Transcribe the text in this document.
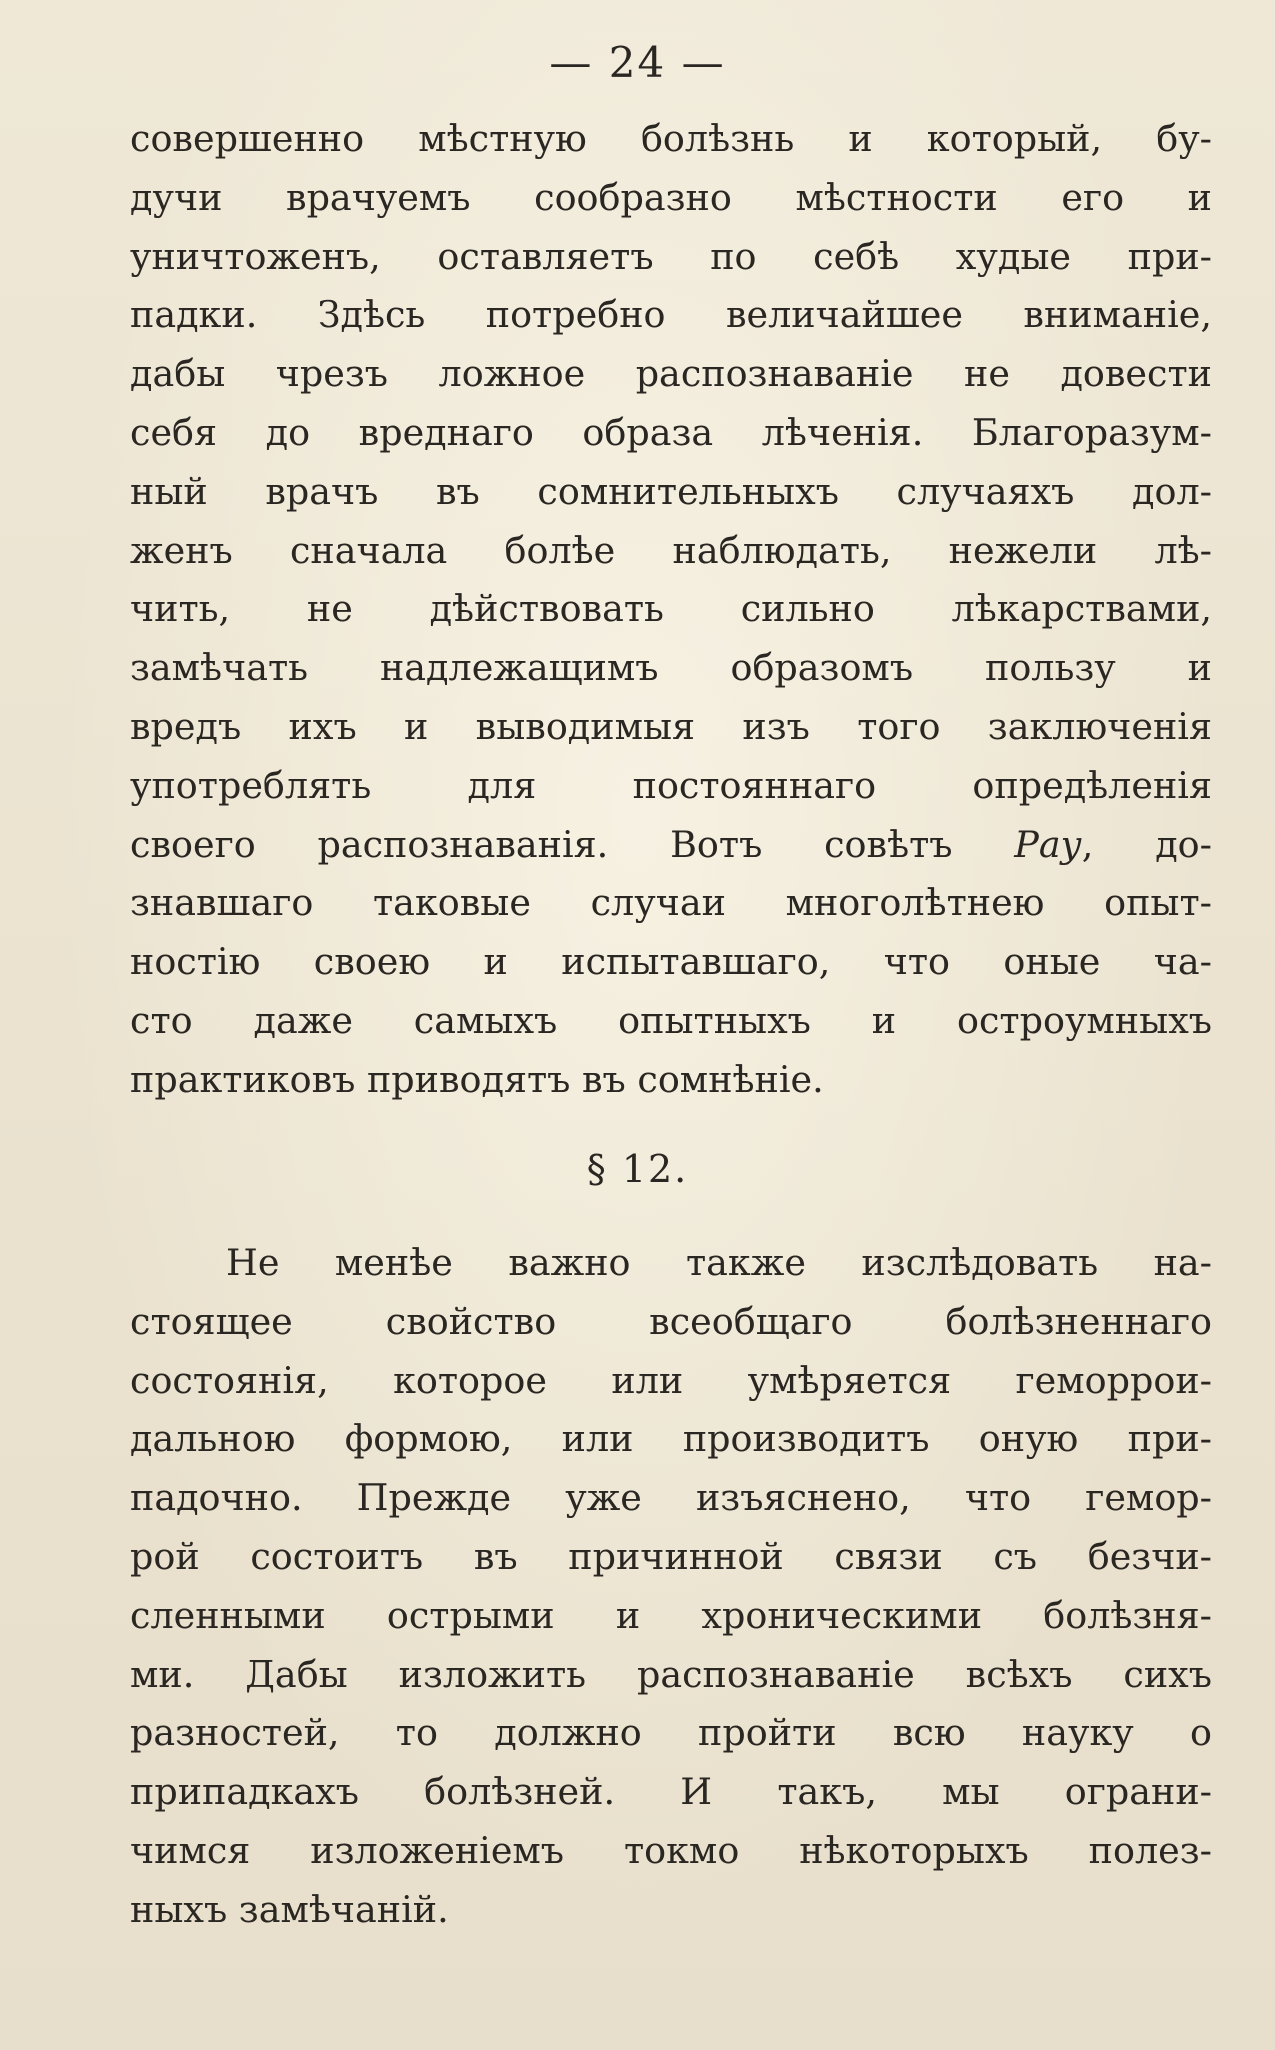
— 24 —
совершенно мѣстную болѣзнь и который, бу-
дучи врачуемъ сообразно мѣстности его и
уничтоженъ, оставляетъ по себѣ худые при-
падки. Здѣсь потребно величайшее вниманіе,
дабы чрезъ ложное распознаваніе не довести
себя до вреднаго образа лѣченія. Благоразум-
ный врачъ въ сомнительныхъ случаяхъ дол-
женъ сначала болѣе наблюдать, нежели лѣ-
чить, не дѣйствовать сильно лѣкарствами,
замѣчать надлежащимъ образомъ пользу и
вредъ ихъ и выводимыя изъ того заключенія
употреблять для постояннаго опредѣленія
своего распознаванія. Вотъ совѣтъ Рау, до-
знавшаго таковые случаи многолѣтнею опыт-
ностію своею и испытавшаго, что оные ча-
сто даже самыхъ опытныхъ и остроумныхъ
практиковъ приводятъ въ сомнѣніе.
§ 12.
Не менѣе важно также изслѣдовать на-
стоящее свойство всеобщаго болѣзненнаго
состоянія, которое или умѣряется геморрои-
дальною формою, или производитъ оную при-
падочно. Прежде уже изъяснено, что гемор-
рой состоитъ въ причинной связи съ безчи-
сленными острыми и хроническими болѣзня-
ми. Дабы изложить распознаваніе всѣхъ сихъ
разностей, то должно пройти всю науку о
припадкахъ болѣзней. И такъ, мы ограни-
чимся изложеніемъ токмо нѣкоторыхъ полез-
ныхъ замѣчаній.
